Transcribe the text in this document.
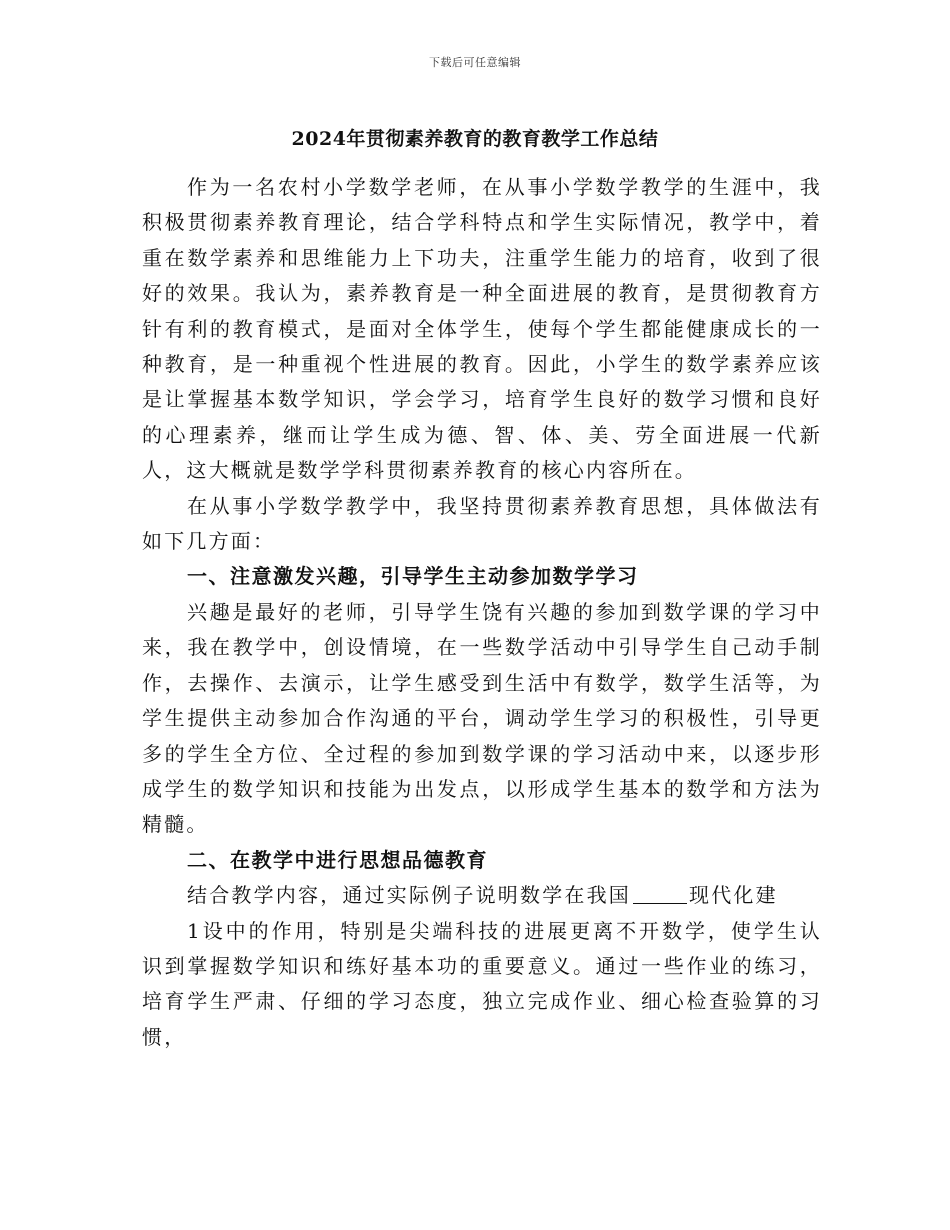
下载后可任意编辑
2024年贯彻素养教育的教育教学工作总结

作为一名农村小学数学老师，在从事小学数学教学的生涯中，我积极贯彻素养教育理论，结合学科特点和学生实际情况，教学中，着重在数学素养和思维能力上下功夫，注重学生能力的培育，收到了很好的效果。我认为，素养教育是一种全面进展的教育，是贯彻教育方针有利的教育模式，是面对全体学生，使每个学生都能健康成长的一种教育，是一种重视个性进展的教育。因此，小学生的数学素养应该是让掌握基本数学知识，学会学习，培育学生良好的数学习惯和良好的心理素养，继而让学生成为德、智、体、美、劳全面进展一代新人，这大概就是数学学科贯彻素养教育的核心内容所在。

在从事小学数学教学中，我坚持贯彻素养教育思想，具体做法有如下几方面：

一、注意激发兴趣，引导学生主动参加数学学习

兴趣是最好的老师，引导学生饶有兴趣的参加到数学课的学习中来，我在教学中，创设情境，在一些数学活动中引导学生自己动手制作，去操作、去演示，让学生感受到生活中有数学，数学生活等，为学生提供主动参加合作沟通的平台，调动学生学习的积极性，引导更多的学生全方位、全过程的参加到数学课的学习活动中来，以逐步形成学生的数学知识和技能为出发点，以形成学生基本的数学和方法为精髓。

二、在教学中进行思想品德教育

结合教学内容，通过实际例子说明数学在我国	现代化建

1设中的作用，特别是尖端科技的进展更离不开数学，使学生认识到掌握数学知识和练好基本功的重要意义。通过一些作业的练习，培育学生严肃、仔细的学习态度，独立完成作业、细心检查验算的习惯，
